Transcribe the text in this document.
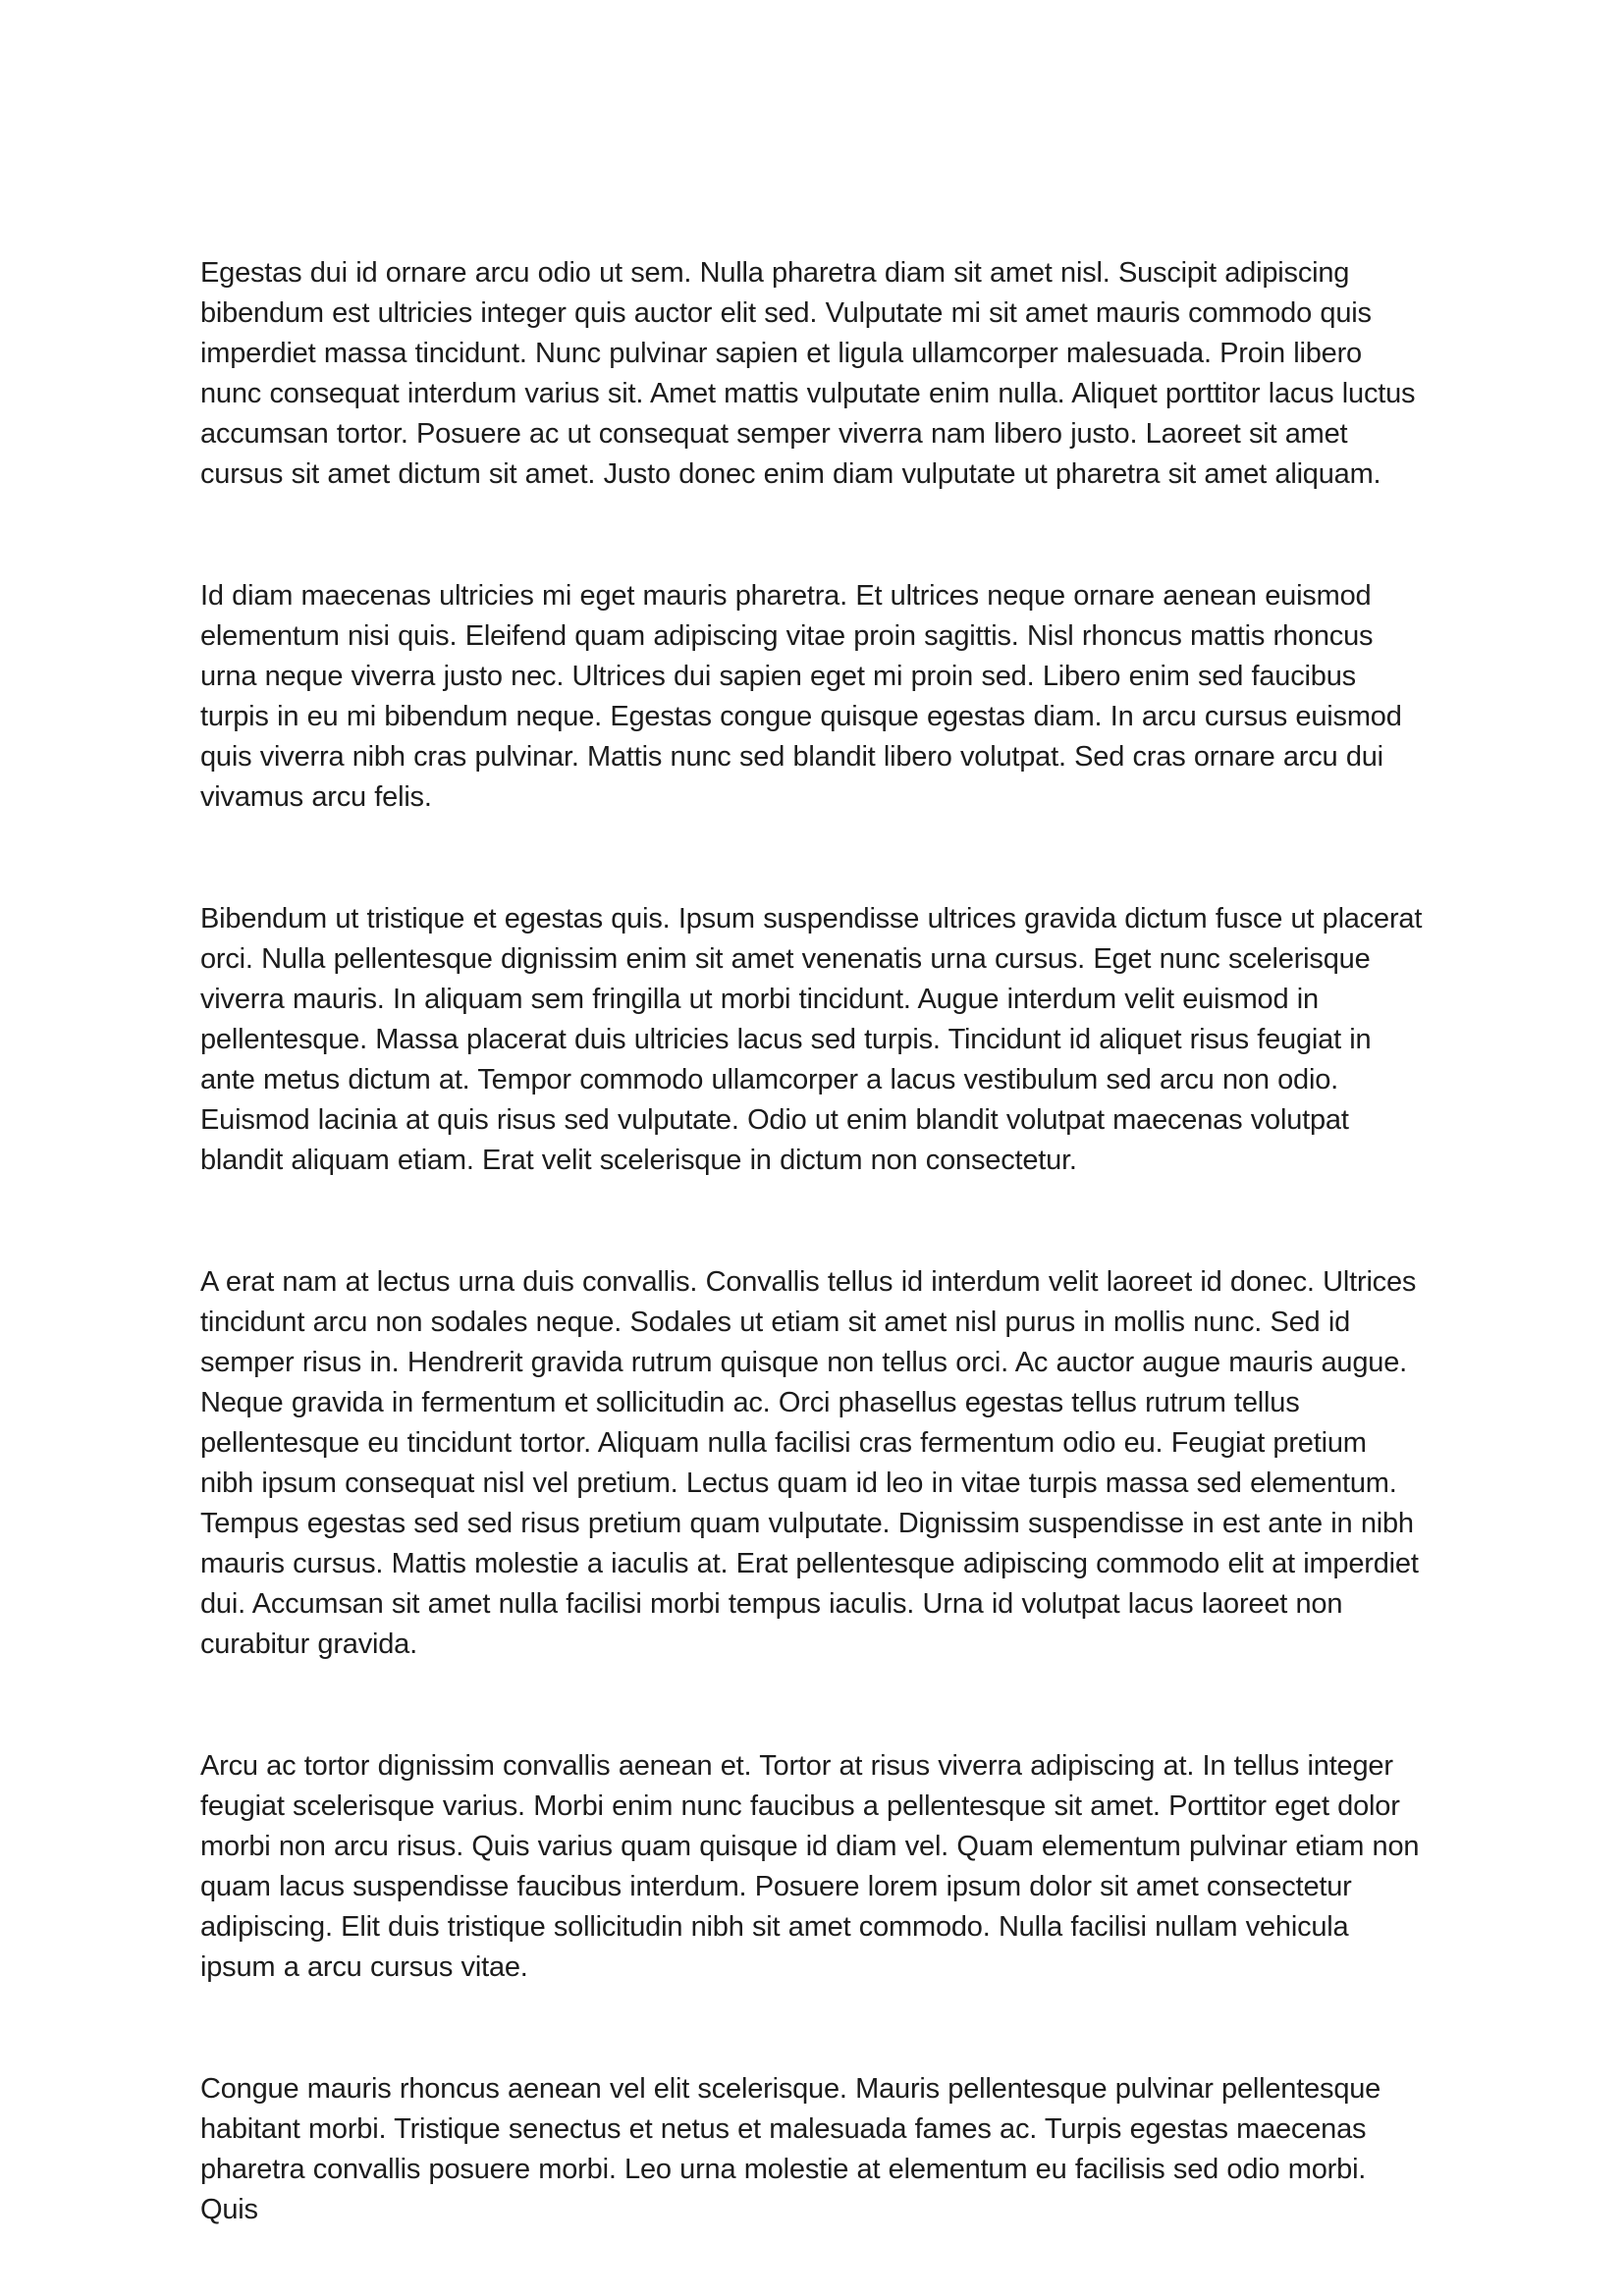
Egestas dui id ornare arcu odio ut sem. Nulla pharetra diam sit amet nisl. Suscipit adipiscing bibendum est ultricies integer quis auctor elit sed. Vulputate mi sit amet mauris commodo quis imperdiet massa tincidunt. Nunc pulvinar sapien et ligula ullamcorper malesuada. Proin libero nunc consequat interdum varius sit. Amet mattis vulputate enim nulla. Aliquet porttitor lacus luctus accumsan tortor. Posuere ac ut consequat semper viverra nam libero justo. Laoreet sit amet cursus sit amet dictum sit amet. Justo donec enim diam vulputate ut pharetra sit amet aliquam.

Id diam maecenas ultricies mi eget mauris pharetra. Et ultrices neque ornare aenean euismod elementum nisi quis. Eleifend quam adipiscing vitae proin sagittis. Nisl rhoncus mattis rhoncus urna neque viverra justo nec. Ultrices dui sapien eget mi proin sed. Libero enim sed faucibus turpis in eu mi bibendum neque. Egestas congue quisque egestas diam. In arcu cursus euismod quis viverra nibh cras pulvinar. Mattis nunc sed blandit libero volutpat. Sed cras ornare arcu dui vivamus arcu felis.

Bibendum ut tristique et egestas quis. Ipsum suspendisse ultrices gravida dictum fusce ut placerat orci. Nulla pellentesque dignissim enim sit amet venenatis urna cursus. Eget nunc scelerisque viverra mauris. In aliquam sem fringilla ut morbi tincidunt. Augue interdum velit euismod in pellentesque. Massa placerat duis ultricies lacus sed turpis. Tincidunt id aliquet risus feugiat in ante metus dictum at. Tempor commodo ullamcorper a lacus vestibulum sed arcu non odio. Euismod lacinia at quis risus sed vulputate. Odio ut enim blandit volutpat maecenas volutpat blandit aliquam etiam. Erat velit scelerisque in dictum non consectetur.

A erat nam at lectus urna duis convallis. Convallis tellus id interdum velit laoreet id donec. Ultrices tincidunt arcu non sodales neque. Sodales ut etiam sit amet nisl purus in mollis nunc. Sed id semper risus in. Hendrerit gravida rutrum quisque non tellus orci. Ac auctor augue mauris augue. Neque gravida in fermentum et sollicitudin ac. Orci phasellus egestas tellus rutrum tellus pellentesque eu tincidunt tortor. Aliquam nulla facilisi cras fermentum odio eu. Feugiat pretium nibh ipsum consequat nisl vel pretium. Lectus quam id leo in vitae turpis massa sed elementum. Tempus egestas sed sed risus pretium quam vulputate. Dignissim suspendisse in est ante in nibh mauris cursus. Mattis molestie a iaculis at. Erat pellentesque adipiscing commodo elit at imperdiet dui. Accumsan sit amet nulla facilisi morbi tempus iaculis. Urna id volutpat lacus laoreet non curabitur gravida.

Arcu ac tortor dignissim convallis aenean et. Tortor at risus viverra adipiscing at. In tellus integer feugiat scelerisque varius. Morbi enim nunc faucibus a pellentesque sit amet. Porttitor eget dolor morbi non arcu risus. Quis varius quam quisque id diam vel. Quam elementum pulvinar etiam non quam lacus suspendisse faucibus interdum. Posuere lorem ipsum dolor sit amet consectetur adipiscing. Elit duis tristique sollicitudin nibh sit amet commodo. Nulla facilisi nullam vehicula ipsum a arcu cursus vitae.

Congue mauris rhoncus aenean vel elit scelerisque. Mauris pellentesque pulvinar pellentesque habitant morbi. Tristique senectus et netus et malesuada fames ac. Turpis egestas maecenas pharetra convallis posuere morbi. Leo urna molestie at elementum eu facilisis sed odio morbi. Quis
